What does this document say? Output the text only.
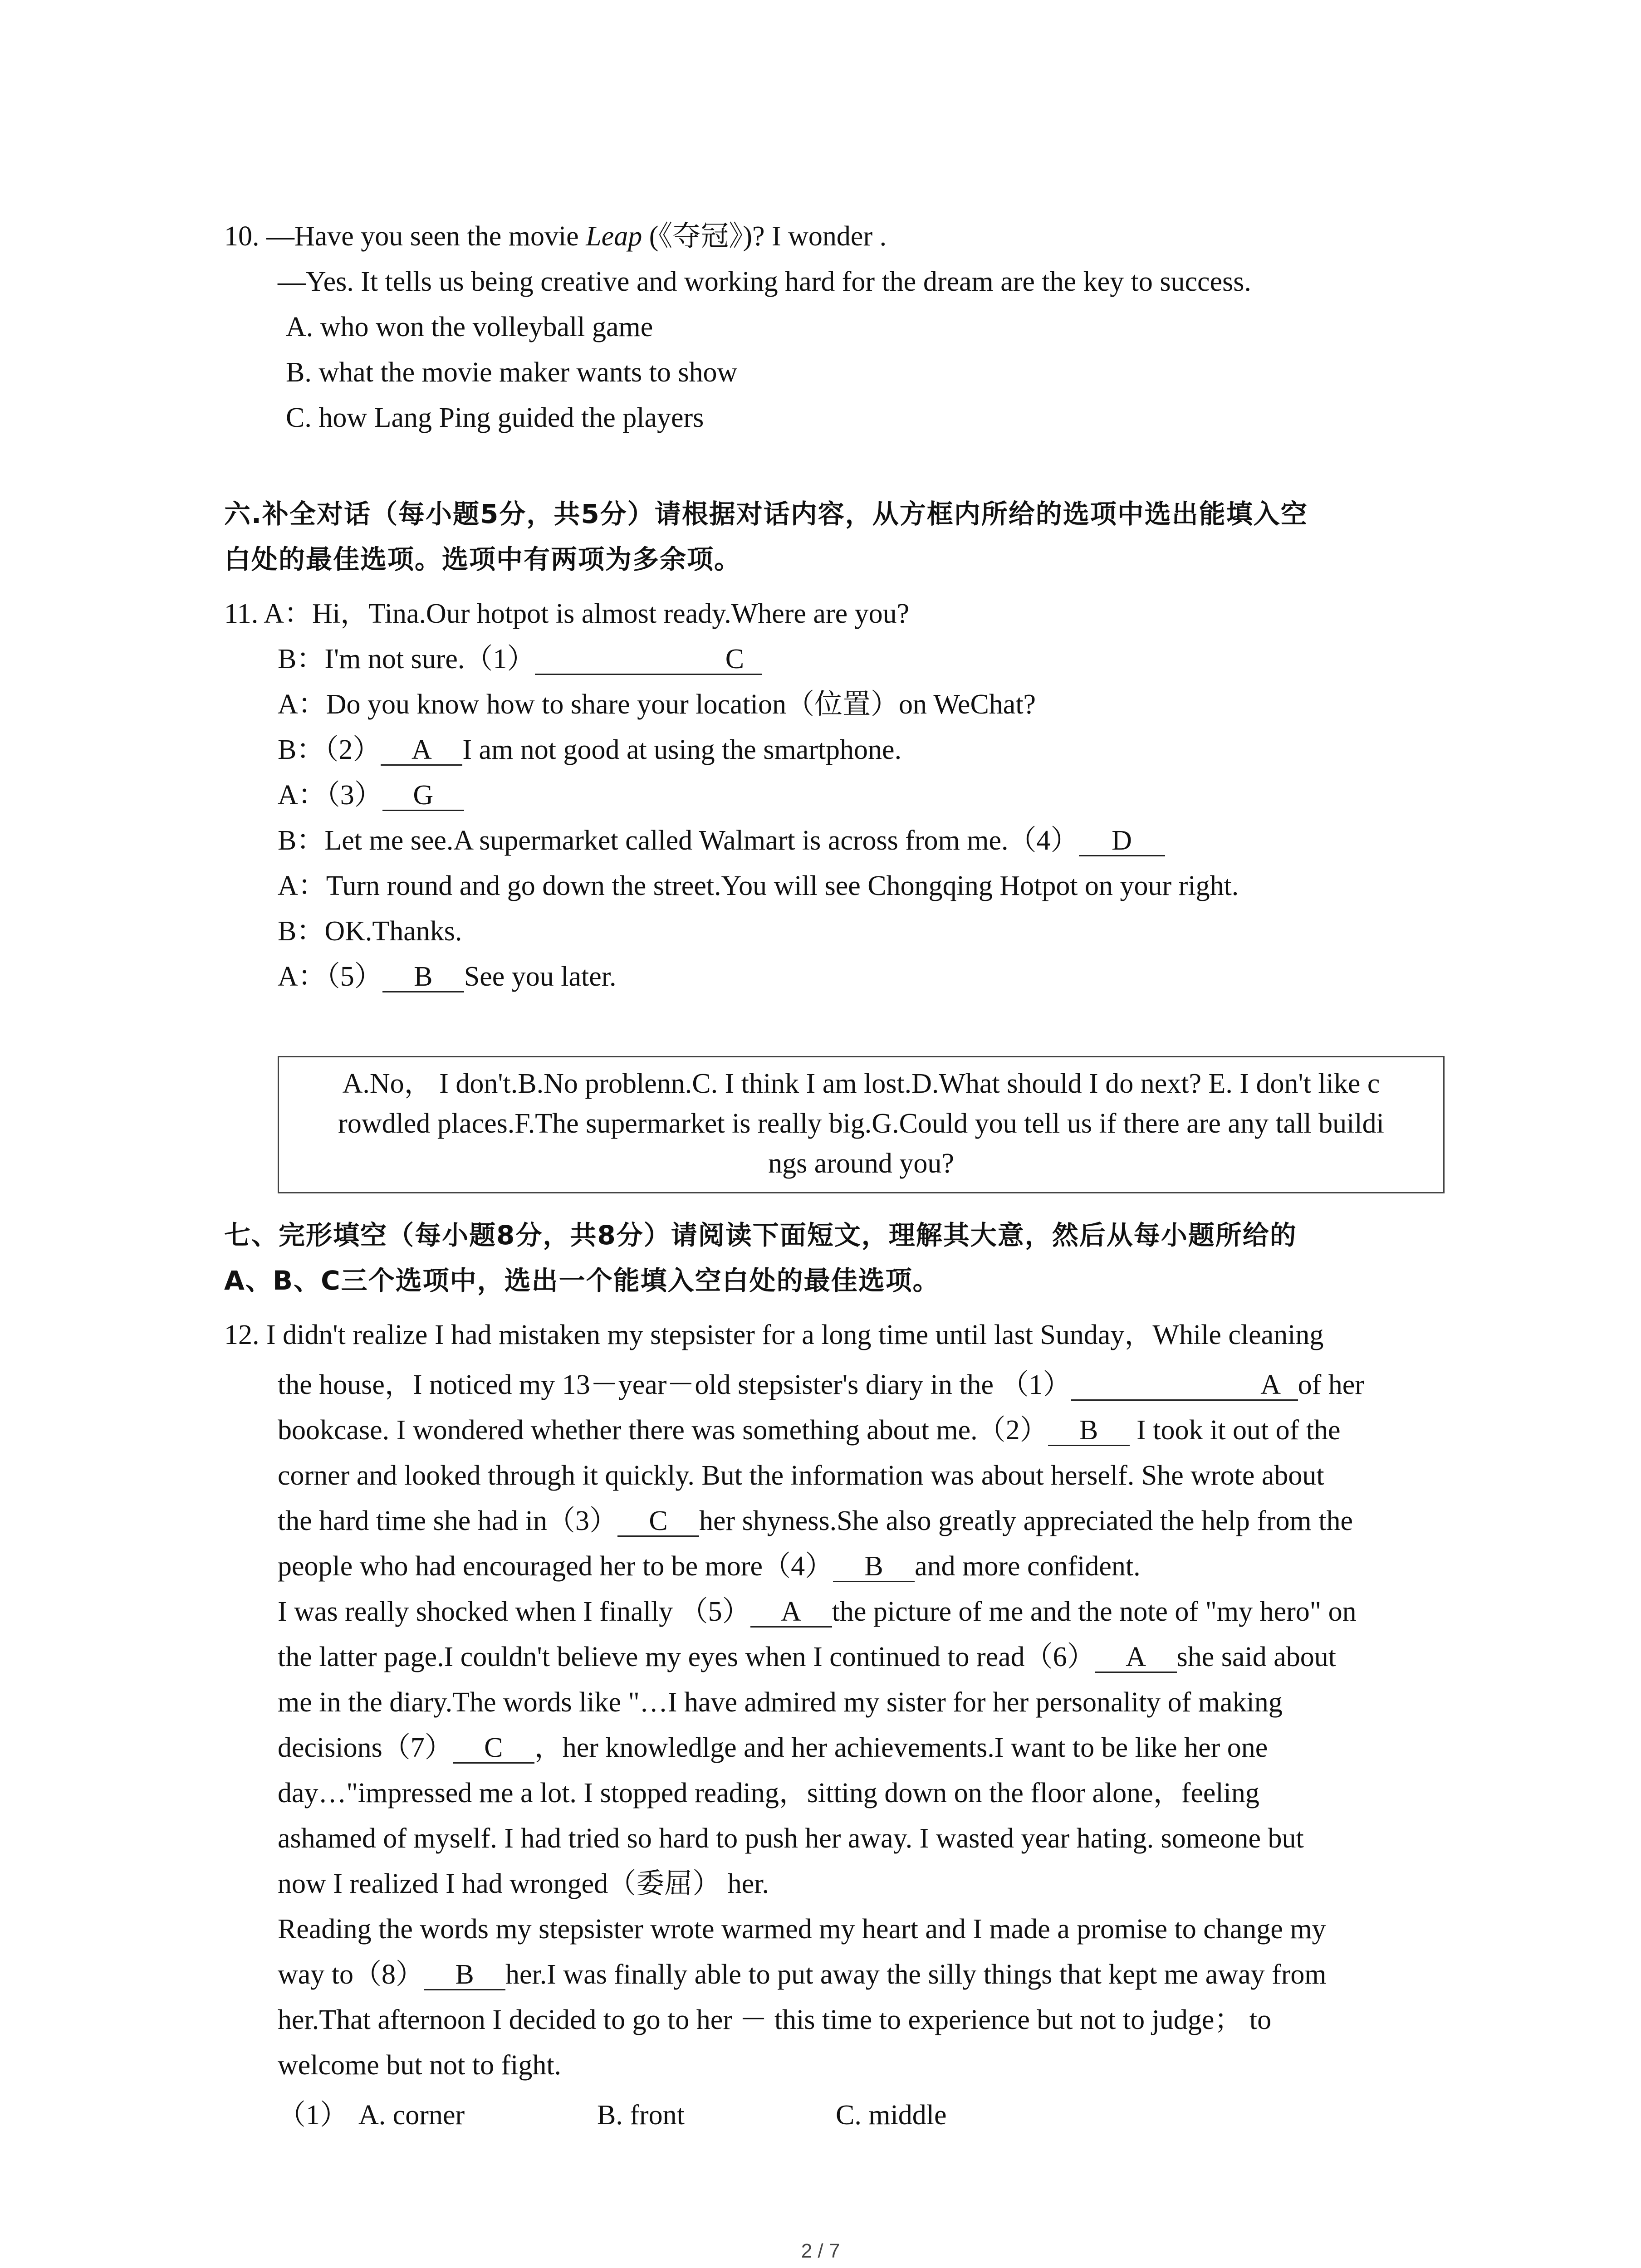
10. —Have you seen the movie Leap (《夺冠》)? I wonder .
—Yes. It tells us being creative and working hard for the dream are the key to success.
A. who won the volleyball game
B. what the movie maker wants to show
C. how Lang Ping guided the players
六.补全对话（每小题5分，共5分）请根据对话内容，从方框内所给的选项中选出能填入空
白处的最佳选项。选项中有两项为多余项。
11. A：Hi，Tina.Our hotpot is almost ready.Where are you?
B：I'm not sure.（1）	C
A：Do you know how to share your location（位置）on WeChat?
B：（2） A I am not good at using the smartphone.
A：（3） G
B：Let me see.A supermarket called Walmart is across from me.（4） D
A：Turn round and go down the street.You will see Chongqing Hotpot on your right.
B：OK.Thanks.
A：（5） B See you later.
A.No， I don't.B.No problenn.C. I think I am lost.D.What should I do next? E. I don't like c
rowdled places.F.The supermarket is really big.G.Could you tell us if there are any tall buildi
ngs around you?
七、完形填空（每小题8分，共8分）请阅读下面短文，理解其大意，然后从每小题所给的
A、B、C三个选项中，选出一个能填入空白处的最佳选项。
12. I didn't realize I had mistaken my stepsister for a long time until last Sunday，While cleaning
the house，I noticed my 13－year－old stepsister's diary in the （1）	A of her
bookcase. I wondered whether there was something about me.（2） B I took it out of the
corner and looked through it quickly. But the information was about herself. She wrote about
the hard time she had in（3） C her shyness.She also greatly appreciated the help from the
people who had encouraged her to be more（4） B and more confident.
I was really shocked when I finally （5） A the picture of me and the note of "my hero" on
the latter page.I couldn't believe my eyes when I continued to read（6） A she said about
me in the diary.The words like "…I have admired my sister for her personality of making
decisions（7） C ，her knowledlge and her achievements.I want to be like her one
day…"impressed me a lot. I stopped reading，sitting down on the floor alone，feeling
ashamed of myself. I had tried so hard to push her away. I wasted year hating. someone but
now I realized I had wronged（委屈） her.
Reading the words my stepsister wrote warmed my heart and I made a promise to change my
way to（8） B her.I was finally able to put away the silly things that kept me away from
her.That afternoon I decided to go to her － this time to experience but not to judge； to
welcome but not to fight.
（1） A. corner	B. front	C. middle
2 / 7
